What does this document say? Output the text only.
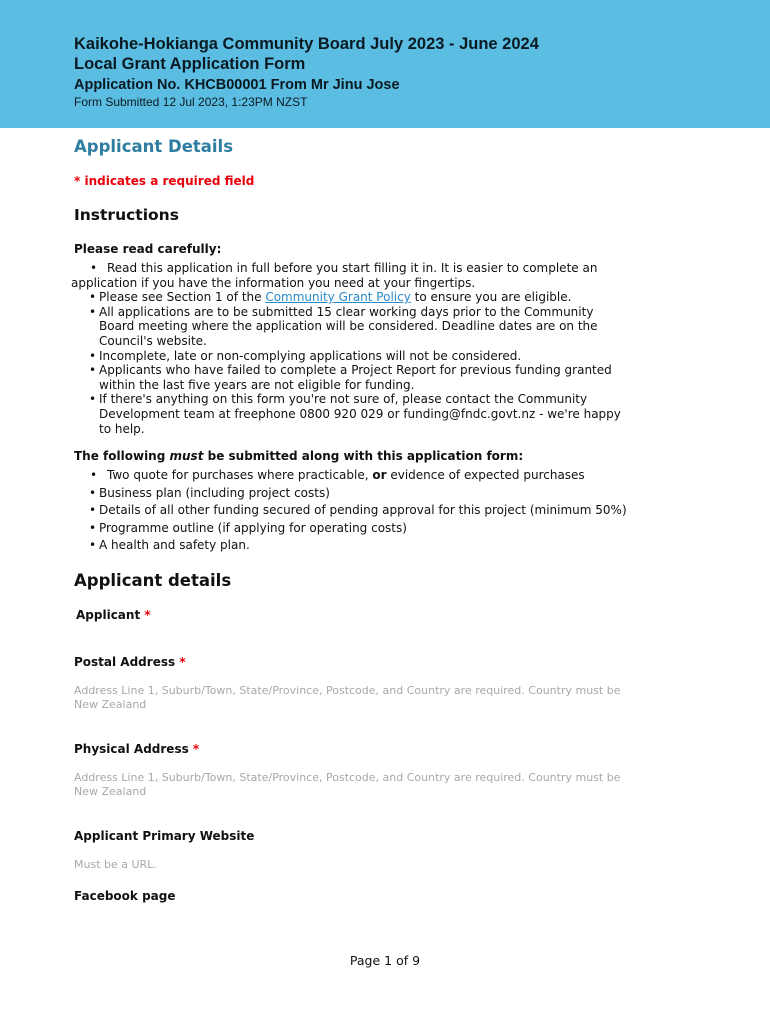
Kaikohe-Hokianga Community Board July 2023 - June 2024
Local Grant Application Form
Application No. KHCB00001 From Mr Jinu Jose
Form Submitted 12 Jul 2023, 1:23PM NZST
Applicant Details
* indicates a required field
Instructions
Please read carefully:
• Read this application in full before you start filling it in. It is easier to complete an
application if you have the information you need at your fingertips.
• Please see Section 1 of the Community Grant Policy to ensure you are eligible.
• All applications are to be submitted 15 clear working days prior to the Community
Board meeting where the application will be considered. Deadline dates are on the
Council's website.
• Incomplete, late or non-complying applications will not be considered.
• Applicants who have failed to complete a Project Report for previous funding granted
within the last five years are not eligible for funding.
• If there's anything on this form you're not sure of, please contact the Community
Development team at freephone 0800 920 029 or funding@fndc.govt.nz - we're happy
to help.
The following must be submitted along with this application form:
• Two quote for purchases where practicable, or evidence of expected purchases
• Business plan (including project costs)
• Details of all other funding secured of pending approval for this project (minimum 50%)
• Programme outline (if applying for operating costs)
• A health and safety plan.
Applicant details
Applicant *
Postal Address *
Address Line 1, Suburb/Town, State/Province, Postcode, and Country are required. Country must be
New Zealand
Physical Address *
Address Line 1, Suburb/Town, State/Province, Postcode, and Country are required. Country must be
New Zealand
Applicant Primary Website
Must be a URL.
Facebook page
Page 1 of 9
